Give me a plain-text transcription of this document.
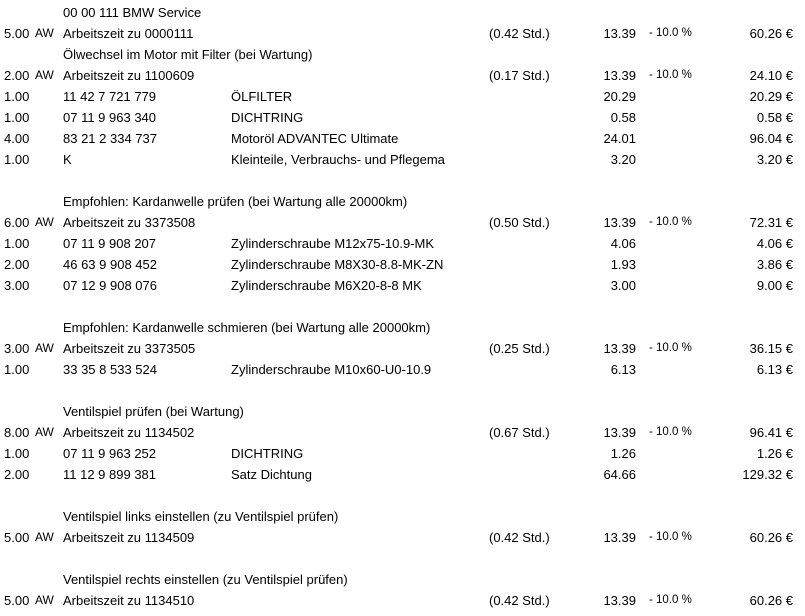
00 00 111 BMW Service
5.00 AW Arbeitszeit zu 0000111	(0.42 Std.)	13.39 - 10.0 %	60.26 €
Ölwechsel im Motor mit Filter (bei Wartung)
2.00 AW Arbeitszeit zu 1100609	(0.17 Std.)	13.39 - 10.0 %	24.10 €
1.00	11 42 7 721 779	ÖLFILTER	20.29	20.29 €
1.00	07 11 9 963 340	DICHTRING	0.58	0.58 €
4.00	83 21 2 334 737	Motoröl ADVANTEC Ultimate	24.01	96.04 €
1.00	K	Kleinteile, Verbrauchs- und Pflegema	3.20	3.20 €
Empfohlen: Kardanwelle prüfen (bei Wartung alle 20000km)
6.00 AW Arbeitszeit zu 3373508	(0.50 Std.)	13.39 - 10.0 %	72.31 €
1.00	07 11 9 908 207	Zylinderschraube M12x75-10.9-MK	4.06	4.06 €
2.00	46 63 9 908 452	Zylinderschraube M8X30-8.8-MK-ZN	1.93	3.86 €
3.00	07 12 9 908 076	Zylinderschraube M6X20-8-8 MK	3.00	9.00 €
Empfohlen: Kardanwelle schmieren (bei Wartung alle 20000km)
3.00 AW Arbeitszeit zu 3373505	(0.25 Std.)	13.39 - 10.0 %	36.15 €
1.00	33 35 8 533 524	Zylinderschraube M10x60-U0-10.9	6.13	6.13 €
Ventilspiel prüfen (bei Wartung)
8.00 AW Arbeitszeit zu 1134502	(0.67 Std.)	13.39 - 10.0 %	96.41 €
1.00	07 11 9 963 252	DICHTRING	1.26	1.26 €
2.00	11 12 9 899 381	Satz Dichtung	64.66	129.32 €
Ventilspiel links einstellen (zu Ventilspiel prüfen)
5.00 AW Arbeitszeit zu 1134509	(0.42 Std.)	13.39 - 10.0 %	60.26 €
Ventilspiel rechts einstellen (zu Ventilspiel prüfen)
5.00 AW Arbeitszeit zu 1134510	(0.42 Std.)	13.39 - 10.0 %	60.26 €
